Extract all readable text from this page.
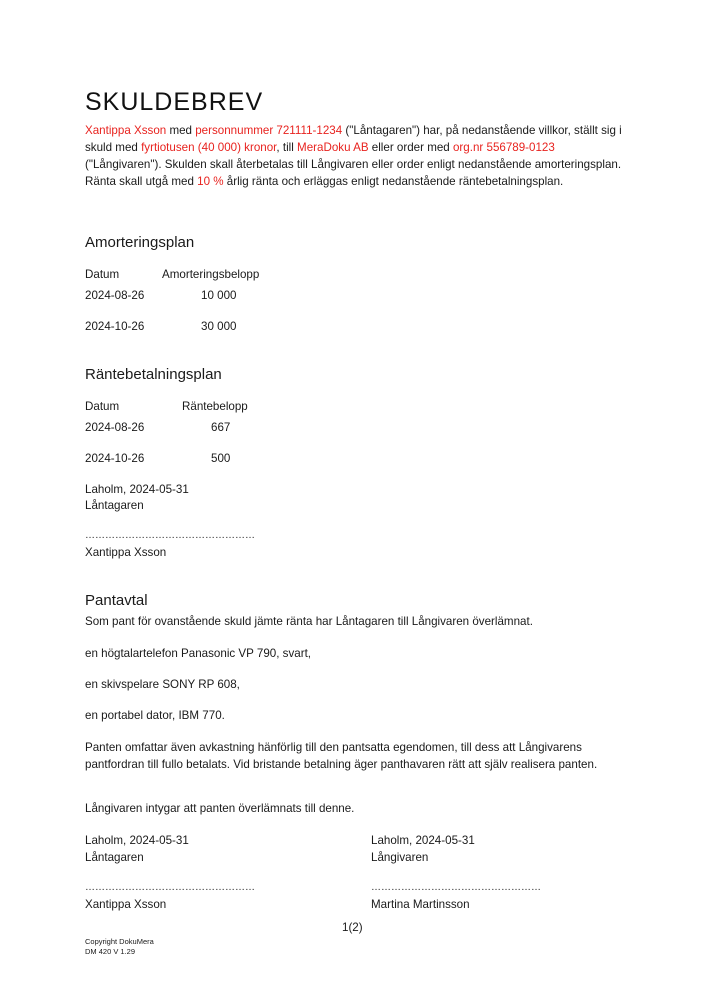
SKULDEBREV
Xantippa Xsson med personnummer 721111-1234 ("Låntagaren") har, på nedanstående villkor, ställt sig i skuld med fyrtiotusen (40 000) kronor, till MeraDoku AB eller order med org.nr 556789-0123 ("Långivaren"). Skulden skall återbetalas till Långivaren eller order enligt nedanstående amorteringsplan. Ränta skall utgå med 10 % årlig ränta och erläggas enligt nedanstående räntebetalningsplan.
Amorteringsplan
Datum	Amorteringsbelopp
2024-08-26	10 000
2024-10-26	30 000
Räntebetalningsplan
Datum	Räntebelopp
2024-08-26	667
2024-10-26	500
Laholm, 2024-05-31
Låntagaren
……………………………………………
Xantippa Xsson
Pantavtal
Som pant för ovanstående skuld jämte ränta har Låntagaren till Långivaren överlämnat.
en högtalartelefon Panasonic VP 790, svart,
en skivspelare SONY RP 608,
en portabel dator, IBM 770.
Panten omfattar även avkastning hänförlig till den pantsatta egendomen, till dess att Långivarens pantfordran till fullo betalats. Vid bristande betalning äger panthavaren rätt att själv realisera panten.
Långivaren intygar att panten överlämnats till denne.
Laholm, 2024-05-31
Låntagaren
……………………………………………
Xantippa Xsson
Laholm, 2024-05-31
Långivaren
……………………………………………
Martina Martinsson
1(2)
Copyright DokuMera
DM 420 V 1.29
